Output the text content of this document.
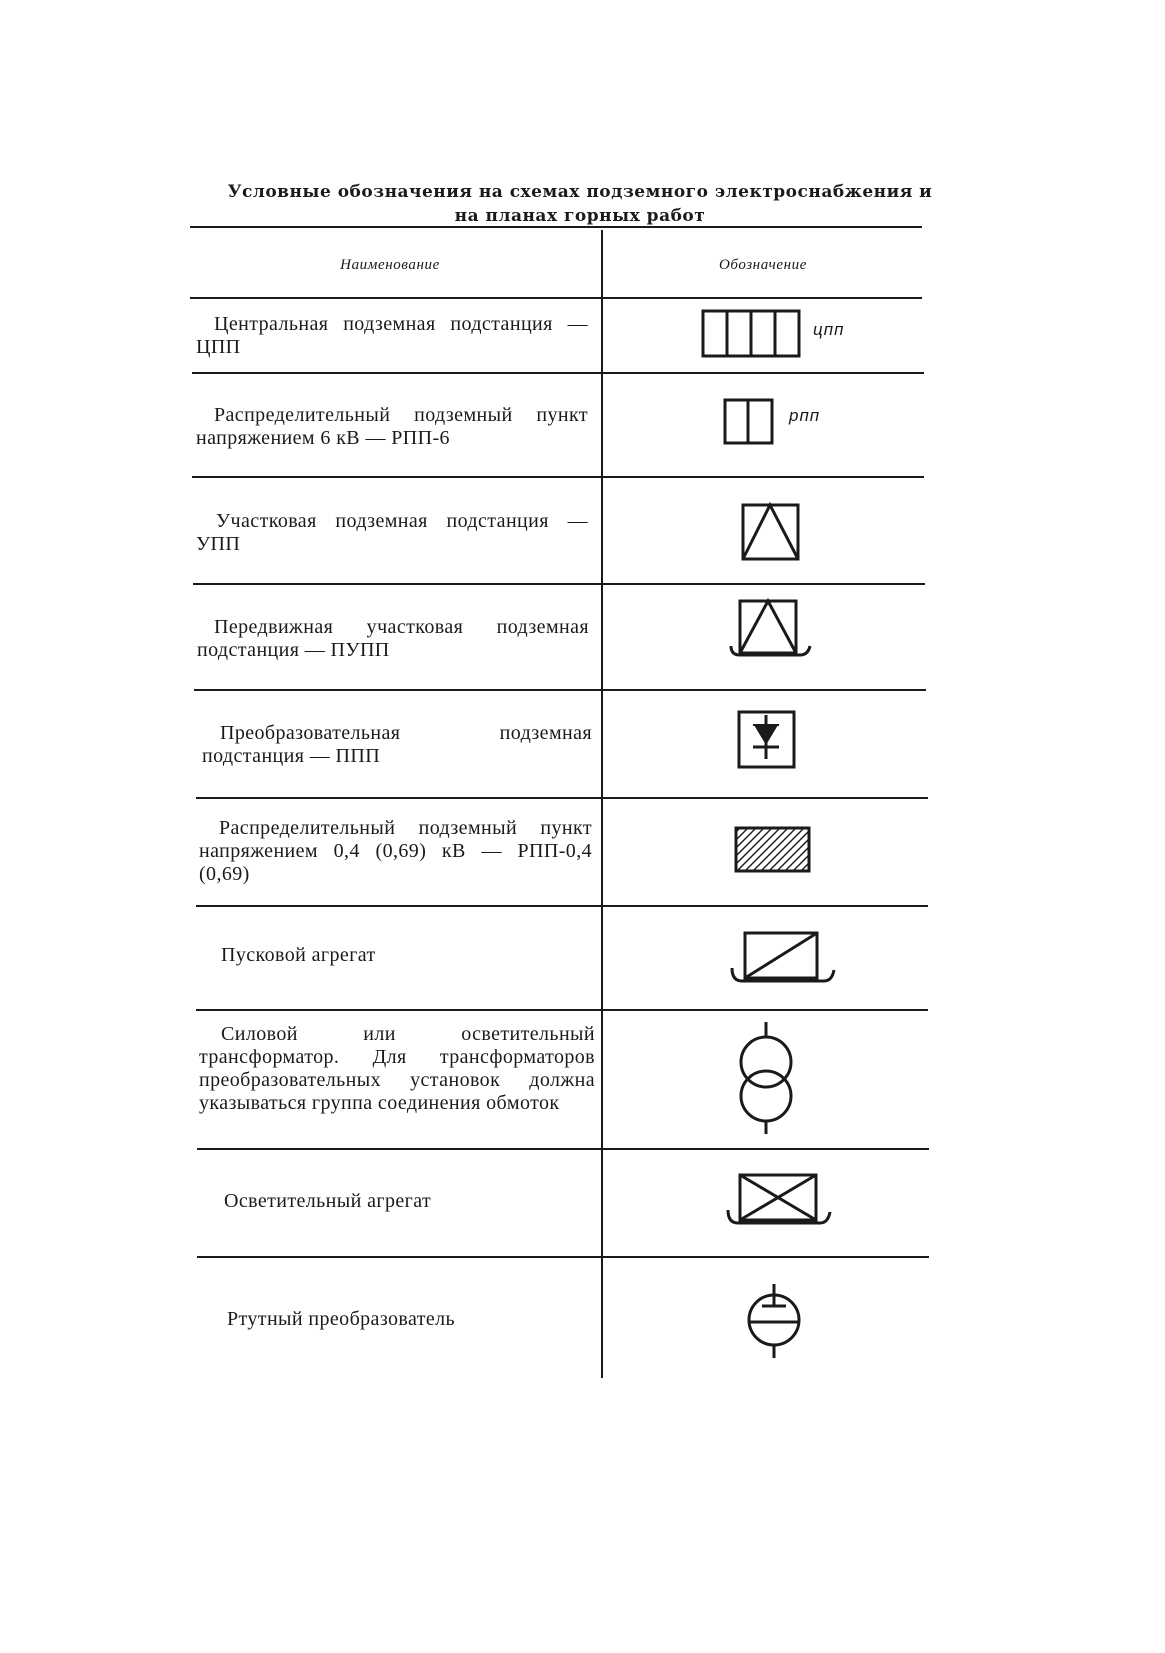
Условные обозначения на схемах подземного электроснабжения и
на планах горных работ
Наименование	Обозначение
Центральная подземная подстанция — ЦПП
Распределительный подземный пункт напряжением 6 кВ — РПП-6
Участковая подземная подстанция — УПП
Передвижная участковая подземная подстанция — ПУПП
Преобразовательная подземная подстанция — ППП
Распределительный подземный пункт напряжением 0,4 (0,69) кВ — РПП-0,4 (0,69)
Пусковой агрегат
Силовой или осветительный трансформатор. Для трансформаторов преобразовательных установок должна указываться группа соединения обмоток
Осветительный агрегат
Ртутный преобразователь
цпп
рпп
